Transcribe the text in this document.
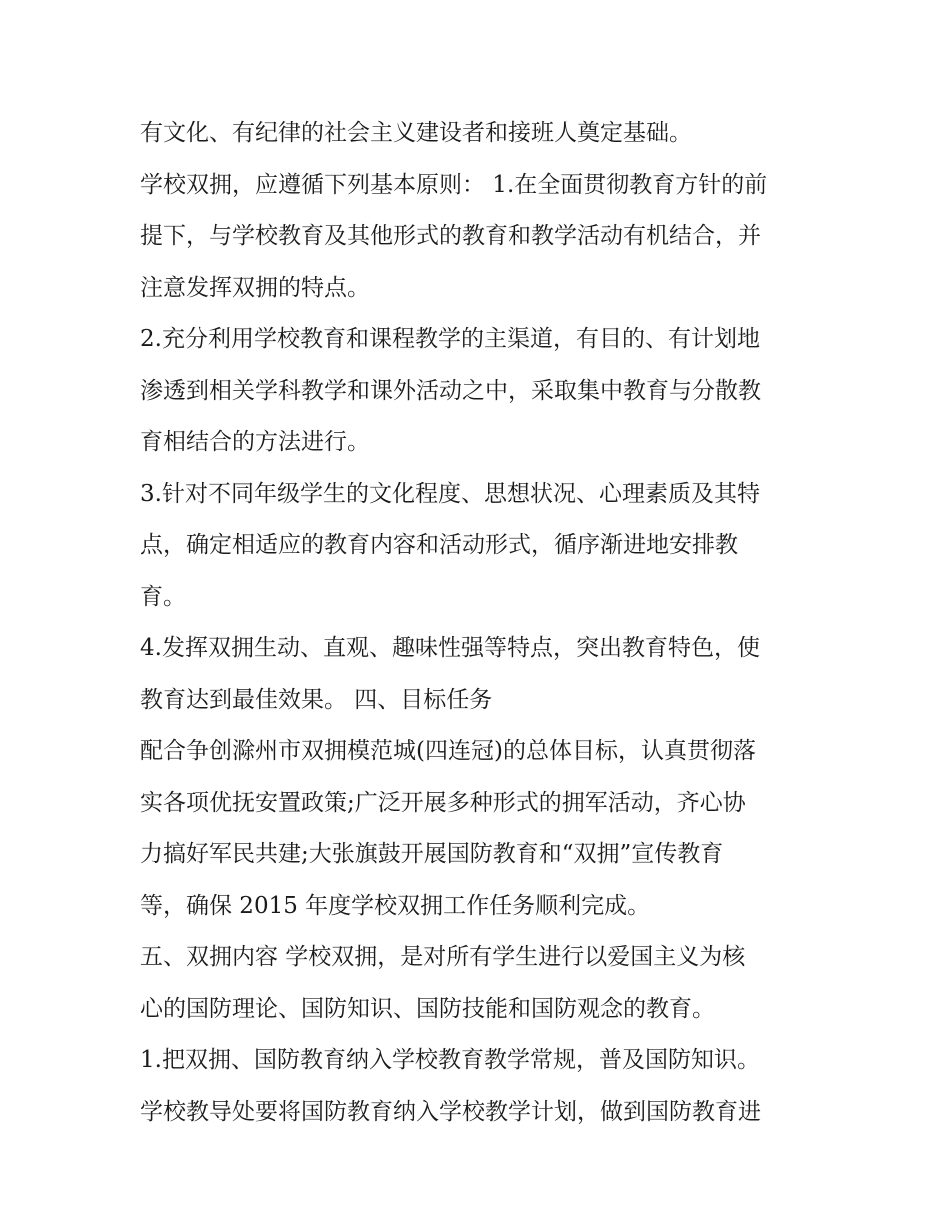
有文化、有纪律的社会主义建设者和接班人奠定基础。
学校双拥，应遵循下列基本原则： 1.在全面贯彻教育方针的前
提下，与学校教育及其他形式的教育和教学活动有机结合，并
注意发挥双拥的特点。
2.充分利用学校教育和课程教学的主渠道，有目的、有计划地
渗透到相关学科教学和课外活动之中，采取集中教育与分散教
育相结合的方法进行。
3.针对不同年级学生的文化程度、思想状况、心理素质及其特
点，确定相适应的教育内容和活动形式，循序渐进地安排教
育。
4.发挥双拥生动、直观、趣味性强等特点，突出教育特色，使
教育达到最佳效果。 四、目标任务
配合争创滁州市双拥模范城(四连冠)的总体目标，认真贯彻落
实各项优抚安置政策;广泛开展多种形式的拥军活动，齐心协
力搞好军民共建;大张旗鼓开展国防教育和“双拥”宣传教育
等，确保 2015 年度学校双拥工作任务顺利完成。
五、双拥内容 学校双拥，是对所有学生进行以爱国主义为核
心的国防理论、国防知识、国防技能和国防观念的教育。
1.把双拥、国防教育纳入学校教育教学常规，普及国防知识。
学校教导处要将国防教育纳入学校教学计划，做到国防教育进
